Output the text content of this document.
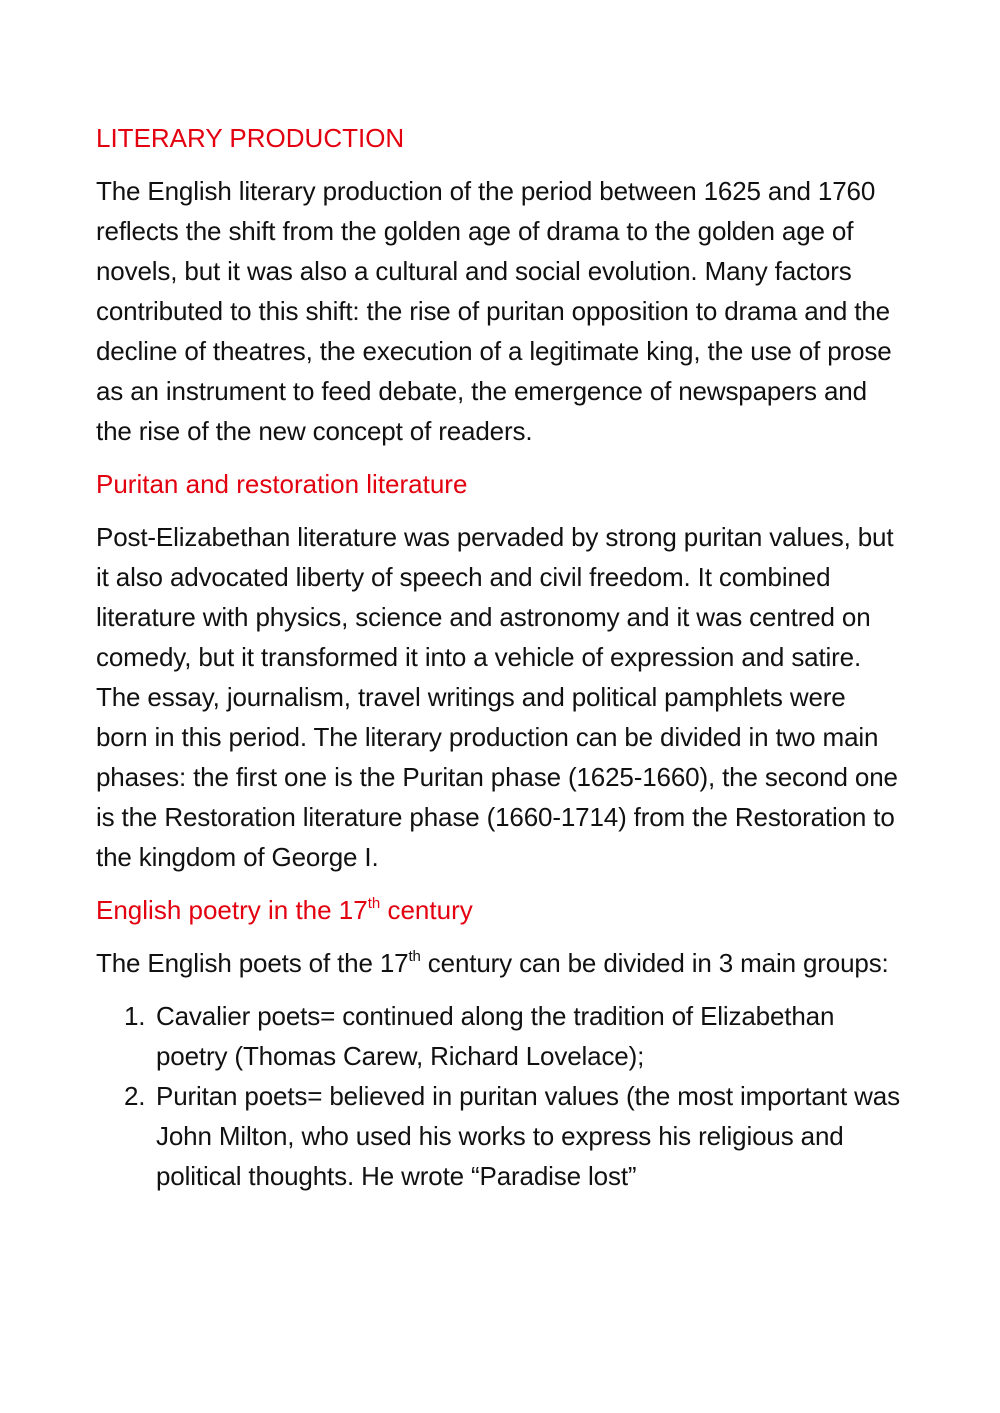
LITERARY PRODUCTION
The English literary production of the period between 1625 and 1760 reflects the shift from the golden age of drama to the golden age of novels, but it was also a cultural and social evolution. Many factors contributed to this shift: the rise of puritan opposition to drama and the decline of theatres, the execution of a legitimate king, the use of prose as an instrument to feed debate, the emergence of newspapers and the rise of the new concept of readers.
Puritan and restoration literature
Post-Elizabethan literature was pervaded by strong puritan values, but it also advocated liberty of speech and civil freedom. It combined literature with physics, science and astronomy and it was centred on comedy, but it transformed it into a vehicle of expression and satire. The essay, journalism, travel writings and political pamphlets were born in this period. The literary production can be divided in two main phases: the first one is the Puritan phase (1625-1660), the second one is the Restoration literature phase (1660-1714) from the Restoration to the kingdom of George I.
English poetry in the 17th century
The English poets of the 17th century can be divided in 3 main groups:
1. Cavalier poets= continued along the tradition of Elizabethan poetry (Thomas Carew, Richard Lovelace);
2. Puritan poets= believed in puritan values (the most important was John Milton, who used his works to express his religious and political thoughts. He wrote “Paradise lost”
